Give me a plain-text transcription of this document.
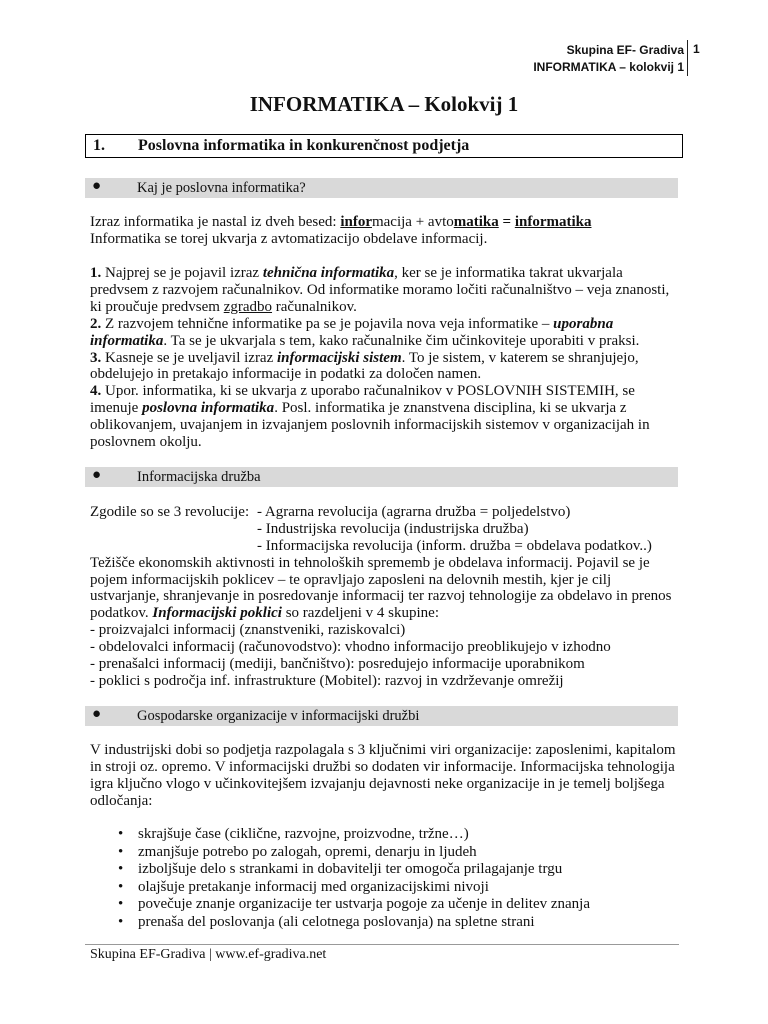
Skupina EF- Gradiva
INFORMATIKA – kolokvij 1
1
INFORMATIKA – Kolokvij 1
1. Poslovna informatika in konkurenčnost podjetja
● Kaj je poslovna informatika?

Izraz informatika je nastal iz dveh besed: informacija + avtomatika = informatika

Informatika se torej ukvarja z avtomatizacijo obdelave informacij.

1. Najprej se je pojavil izraz tehnična informatika, ker se je informatika takrat ukvarjala predvsem z razvojem računalnikov. Od informatike moramo ločiti računalništvo – veja znanosti, ki proučuje predvsem zgradbo računalnikov.

2. Z razvojem tehnične informatike pa se je pojavila nova veja informatike – uporabna informatika. Ta se je ukvarjala s tem, kako računalnike čim učinkoviteje uporabiti v praksi.

3. Kasneje se je uveljavil izraz informacijski sistem. To je sistem, v katerem se shranjujejo, obdelujejo in pretakajo informacije in podatki za določen namen.

4. Upor. informatika, ki se ukvarja z uporabo računalnikov v POSLOVNIH SISTEMIH, se imenuje poslovna informatika. Posl. informatika je znanstvena disciplina, ki se ukvarja z oblikovanjem, uvajanjem in izvajanjem poslovnih informacijskih sistemov v organizacijah in poslovnem okolju.

● Informacijska družba
Zgodile so se 3 revolucije: - Agrarna revolucija (agrarna družba = poljedelstvo)
- Industrijska revolucija (industrijska družba)
- Informacijska revolucija (inform. družba = obdelava podatkov..)

Težišče ekonomskih aktivnosti in tehnoloških sprememb je obdelava informacij. Pojavil se je pojem informacijskih poklicev – te opravljajo zaposleni na delovnih mestih, kjer je cilj ustvarjanje, shranjevanje in posredovanje informacij ter razvoj tehnologije za obdelavo in prenos podatkov. Informacijski poklici so razdeljeni v 4 skupine:

- proizvajalci informacij (znanstveniki, raziskovalci)

- obdelovalci informacij (računovodstvo): vhodno informacijo preoblikujejo v izhodno

- prenašalci informacij (mediji, bančništvo): posredujejo informacije uporabnikom

- poklici s področja inf. infrastrukture (Mobitel): razvoj in vzdrževanje omrežij

● Gospodarske organizacije v informacijski družbi
V industrijski dobi so podjetja razpolagala s 3 ključnimi viri organizacije: zaposlenimi, kapitalom in stroji oz. opremo. V informacijski družbi so dodaten vir informacije. Informacijska tehnologija igra ključno vlogo v učinkovitejšem izvajanju dejavnosti neke organizacije in je temelj boljšega odločanja:
• skrajšuje čase (ciklične, razvojne, proizvodne, tržne…)
• zmanjšuje potrebo po zalogah, opremi, denarju in ljudeh
• izboljšuje delo s strankami in dobavitelji ter omogoča prilagajanje trgu
• olajšuje pretakanje informacij med organizacijskimi nivoji
• povečuje znanje organizacije ter ustvarja pogoje za učenje in delitev znanja
• prenaša del poslovanja (ali celotnega poslovanja) na spletne strani
Skupina EF-Gradiva | www.ef-gradiva.net
